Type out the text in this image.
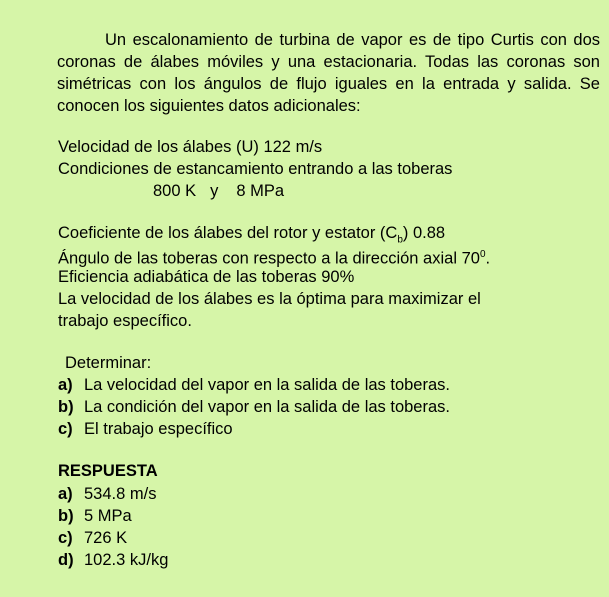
Un escalonamiento de turbina de vapor es de tipo Curtis con dos coronas de álabes móviles y una estacionaria. Todas las coronas son simétricas con los ángulos de flujo iguales en la entrada y salida. Se conocen los siguientes datos adicionales:

Velocidad de los álabes (U) 122 m/s
Condiciones de estancamiento entrando a las toberas
800 K y 8 MPa
Coeficiente de los álabes del rotor y estator $(C_b)$ 0.88
Ángulo de las toberas con respecto a la dirección axial $70^0$.
Eficiencia adiabática de las toberas 90%
La velocidad de los álabes es la óptima para maximizar el
trabajo específico.
Determinar:
a) La velocidad del vapor en la salida de las toberas.
b) La condición del vapor en la salida de las toberas.
c) El trabajo específico
RESPUESTA
a) 534.8 m/s
b) 5 MPa
c) 726 K
d) 102.3 kJ/kg
